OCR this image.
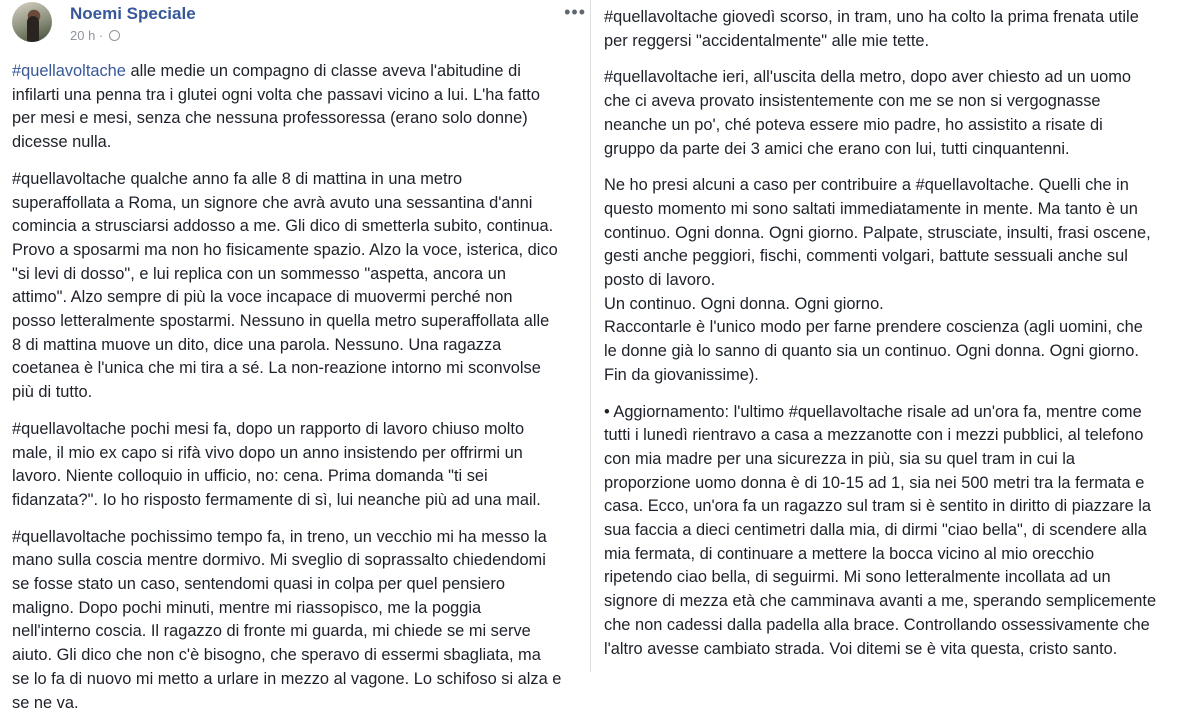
Noemi Speciale
20 h ·
•••

#quellavoltache alle medie un compagno di classe aveva l'abitudine di
infilarti una penna tra i glutei ogni volta che passavi vicino a lui. L'ha fatto
per mesi e mesi, senza che nessuna professoressa (erano solo donne)
dicesse nulla.

#quellavoltache qualche anno fa alle 8 di mattina in una metro
superaffollata a Roma, un signore che avrà avuto una sessantina d'anni
comincia a strusciarsi addosso a me. Gli dico di smetterla subito, continua.
Provo a sposarmi ma non ho fisicamente spazio. Alzo la voce, isterica, dico
"si levi di dosso", e lui replica con un sommesso "aspetta, ancora un
attimo". Alzo sempre di più la voce incapace di muovermi perché non
posso letteralmente spostarmi. Nessuno in quella metro superaffollata alle
8 di mattina muove un dito, dice una parola. Nessuno. Una ragazza
coetanea è l'unica che mi tira a sé. La non-reazione intorno mi sconvolse
più di tutto.

#quellavoltache pochi mesi fa, dopo un rapporto di lavoro chiuso molto
male, il mio ex capo si rifà vivo dopo un anno insistendo per offrirmi un
lavoro. Niente colloquio in ufficio, no: cena. Prima domanda "ti sei
fidanzata?". Io ho risposto fermamente di sì, lui neanche più ad una mail.

#quellavoltache pochissimo tempo fa, in treno, un vecchio mi ha messo la
mano sulla coscia mentre dormivo. Mi sveglio di soprassalto chiedendomi
se fosse stato un caso, sentendomi quasi in colpa per quel pensiero
maligno. Dopo pochi minuti, mentre mi riassopisco, me la poggia
nell'interno coscia. Il ragazzo di fronte mi guarda, mi chiede se mi serve
aiuto. Gli dico che non c'è bisogno, che speravo di essermi sbagliata, ma
se lo fa di nuovo mi metto a urlare in mezzo al vagone. Lo schifoso si alza e
se ne va.

#quellavoltache giovedì scorso, in tram, uno ha colto la prima frenata utile
per reggersi "accidentalmente" alle mie tette.

#quellavoltache ieri, all'uscita della metro, dopo aver chiesto ad un uomo
che ci aveva provato insistentemente con me se non si vergognasse
neanche un po', ché poteva essere mio padre, ho assistito a risate di
gruppo da parte dei 3 amici che erano con lui, tutti cinquantenni.

Ne ho presi alcuni a caso per contribuire a #quellavoltache. Quelli che in
questo momento mi sono saltati immediatamente in mente. Ma tanto è un
continuo. Ogni donna. Ogni giorno. Palpate, strusciate, insulti, frasi oscene,
gesti anche peggiori, fischi, commenti volgari, battute sessuali anche sul
posto di lavoro.
Un continuo. Ogni donna. Ogni giorno.
Raccontarle è l'unico modo per farne prendere coscienza (agli uomini, che
le donne già lo sanno di quanto sia un continuo. Ogni donna. Ogni giorno.
Fin da giovanissime).

• Aggiornamento: l'ultimo #quellavoltache risale ad un'ora fa, mentre come
tutti i lunedì rientravo a casa a mezzanotte con i mezzi pubblici, al telefono
con mia madre per una sicurezza in più, sia su quel tram in cui la
proporzione uomo donna è di 10-15 ad 1, sia nei 500 metri tra la fermata e
casa. Ecco, un'ora fa un ragazzo sul tram si è sentito in diritto di piazzare la
sua faccia a dieci centimetri dalla mia, di dirmi "ciao bella", di scendere alla
mia fermata, di continuare a mettere la bocca vicino al mio orecchio
ripetendo ciao bella, di seguirmi. Mi sono letteralmente incollata ad un
signore di mezza età che camminava avanti a me, sperando semplicemente
che non cadessi dalla padella alla brace. Controllando ossessivamente che
l'altro avesse cambiato strada. Voi ditemi se è vita questa, cristo santo.
